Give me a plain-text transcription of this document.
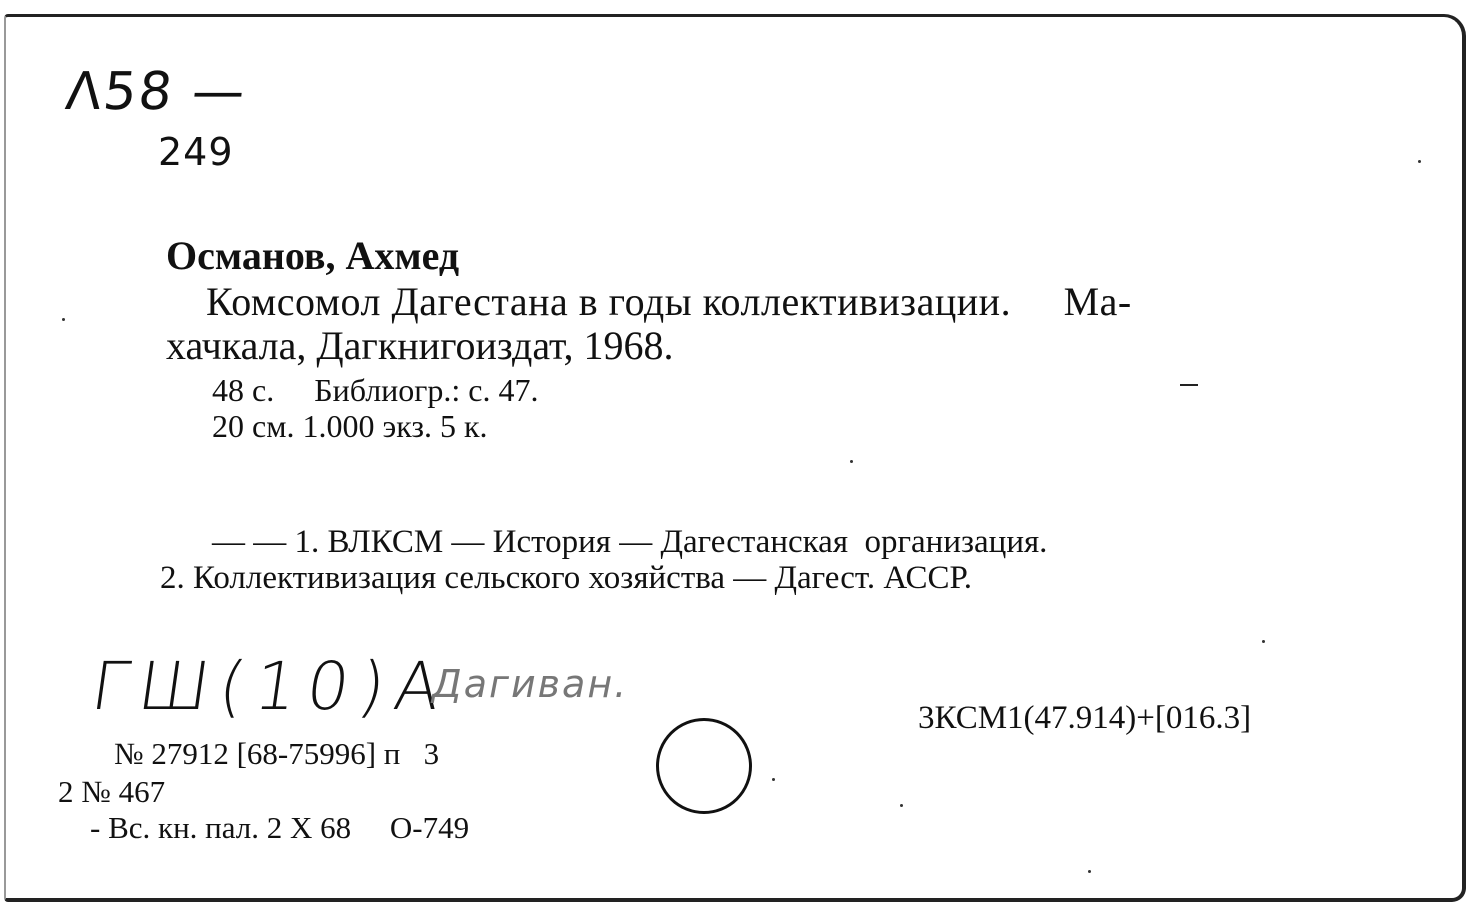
Λ58 —
249
Османов, Ахмед
Комсомол Дагестана в годы коллективизации.     Ма-
хачкала, Дагкнигоиздат, 1968.
48 с.     Библиогр.: с. 47.
20 см. 1.000 экз. 5 к.
— — 1. ВЛКСМ — История — Дагестанская  организация.
2. Коллективизация сельского хозяйства — Дагест. АССР.
ГШ(10)А
Дагиван.
3КСМ1(47.914)+[016.3]
№ 27912 [68-75996] п   3
2 № 467
- Вс. кн. пал. 2 Х 68     О-749
